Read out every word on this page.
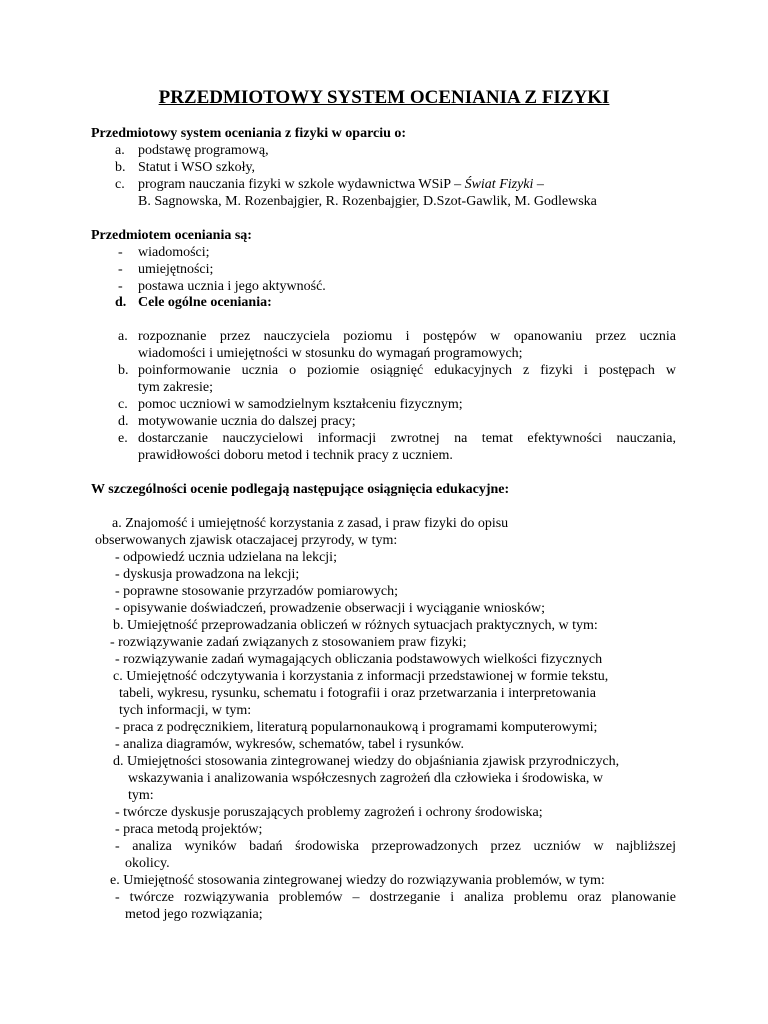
PRZEDMIOTOWY SYSTEM OCENIANIA Z FIZYKI
Przedmiotowy system oceniania z fizyki w oparciu o:
a. podstawę programową,
b. Statut i WSO szkoły,
c. program nauczania fizyki w szkole wydawnictwa WSiP – Świat Fizyki –
B. Sagnowska, M. Rozenbajgier, R. Rozenbajgier, D.Szot-Gawlik, M. Godlewska
Przedmiotem oceniania są:
- wiadomości;
- umiejętności;
- postawa ucznia i jego aktywność.
d. Cele ogólne oceniania:
a. rozpoznanie przez nauczyciela poziomu i postępów w opanowaniu przez ucznia
wiadomości i umiejętności w stosunku do wymagań programowych;
b. poinformowanie ucznia o poziomie osiągnięć edukacyjnych z fizyki i postępach w
tym zakresie;
c. pomoc uczniowi w samodzielnym kształceniu fizycznym;
d. motywowanie ucznia do dalszej pracy;
e. dostarczanie nauczycielowi informacji zwrotnej na temat efektywności nauczania,
prawidłowości doboru metod i technik pracy z uczniem.
W szczególności ocenie podlegają następujące osiągnięcia edukacyjne:
a. Znajomość i umiejętność korzystania z zasad, i praw fizyki do opisu
obserwowanych zjawisk otaczajacej przyrody, w tym:
- odpowiedź ucznia udzielana na lekcji;
- dyskusja prowadzona na lekcji;
- poprawne stosowanie przyrzadów pomiarowych;
- opisywanie doświadczeń, prowadzenie obserwacji i wyciąganie wniosków;
b. Umiejętność przeprowadzania obliczeń w różnych sytuacjach praktycznych, w tym:
- rozwiązywanie zadań związanych z stosowaniem praw fizyki;
- rozwiązywanie zadań wymagających obliczania podstawowych wielkości fizycznych
c. Umiejętność odczytywania i korzystania z informacji przedstawionej w formie tekstu,
tabeli, wykresu, rysunku, schematu i fotografii i oraz przetwarzania i interpretowania
tych informacji, w tym:
- praca z podręcznikiem, literaturą popularnonaukową i programami komputerowymi;
- analiza diagramów, wykresów, schematów, tabel i rysunków.
d. Umiejętności stosowania zintegrowanej wiedzy do objaśniania zjawisk przyrodniczych,
wskazywania i analizowania współczesnych zagrożeń dla człowieka i środowiska, w
tym:
- twórcze dyskusje poruszających problemy zagrożeń i ochrony środowiska;
- praca metodą projektów;
- analiza wyników badań środowiska przeprowadzonych przez uczniów w najbliższej
okolicy.
e. Umiejętność stosowania zintegrowanej wiedzy do rozwiązywania problemów, w tym:
- twórcze rozwiązywania problemów – dostrzeganie i analiza problemu oraz planowanie
metod jego rozwiązania;
